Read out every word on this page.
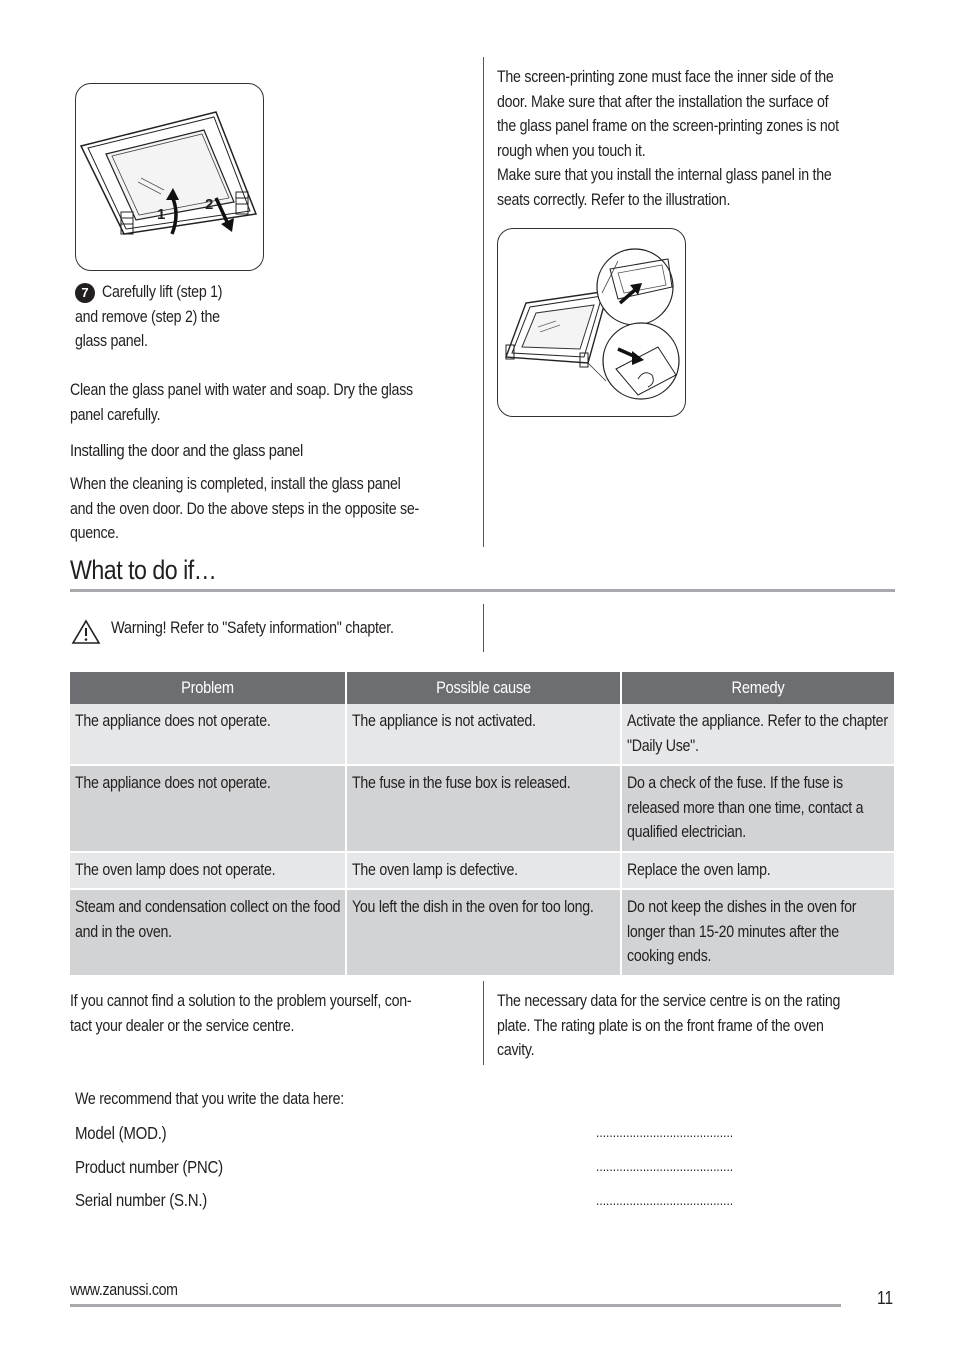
1
2
7 Carefully lift (step 1)
and remove (step 2) the
glass panel.
Clean the glass panel with water and soap. Dry the glass
panel carefully.
Installing the door and the glass panel
When the cleaning is completed, install the glass panel
and the oven door. Do the above steps in the opposite se-
quence.
The screen-printing zone must face the inner side of the
door. Make sure that after the installation the surface of
the glass panel frame on the screen-printing zones is not
rough when you touch it.
Make sure that you install the internal glass panel in the
seats correctly. Refer to the illustration.
What to do if…
Warning! Refer to "Safety information" chapter.
Problem	Possible cause	Remedy

The appliance does not operate.	The appliance is not activated.	Activate the appliance. Refer to the chapter "Daily Use".

The appliance does not operate.	The fuse in the fuse box is released.	Do a check of the fuse. If the fuse is released more than one time, contact a qualified electrician.

The oven lamp does not operate.	The oven lamp is defective.	Replace the oven lamp.

Steam and condensation collect on the food and in the oven.	You left the dish in the oven for too long.	Do not keep the dishes in the oven for longer than 15-20 minutes after the cooking ends.
If you cannot find a solution to the problem yourself, con-
tact your dealer or the service centre.
The necessary data for the service centre is on the rating
plate. The rating plate is on the front frame of the oven
cavity.
We recommend that you write the data here:
Model (MOD.)	.........................................
Product number (PNC)	.........................................
Serial number (S.N.)	.........................................
www.zanussi.com	11
